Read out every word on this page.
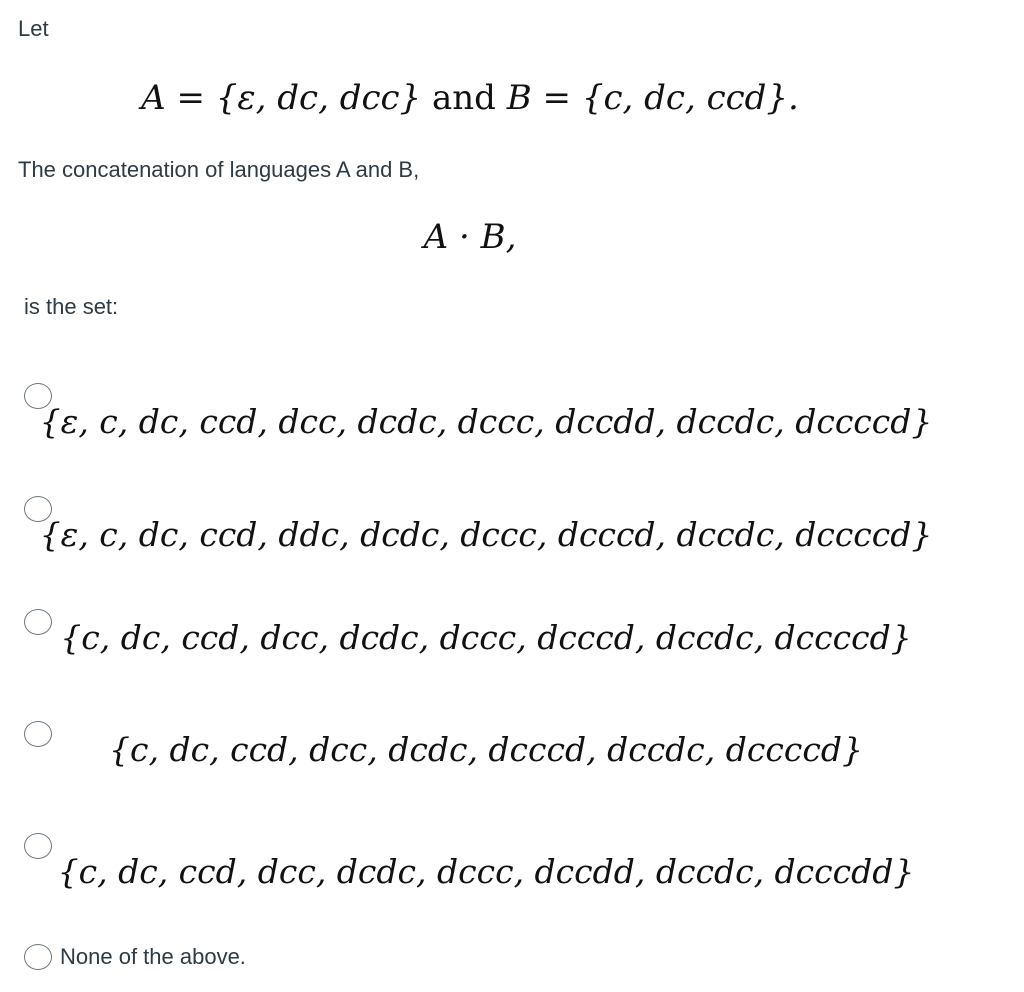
Let
A = {ε, dc, dcc} and B = {c, dc, ccd}.
The concatenation of languages A and B,
A · B,
is the set:
{ε, c, dc, ccd, dcc, dcdc, dccc, dccdd, dccdc, dccccd}
{ε, c, dc, ccd, ddc, dcdc, dccc, dcccd, dccdc, dccccd}
{c, dc, ccd, dcc, dcdc, dccc, dcccd, dccdc, dccccd}
{c, dc, ccd, dcc, dcdc, dcccd, dccdc, dccccd}
{c, dc, ccd, dcc, dcdc, dccc, dccdd, dccdc, dcccdd}
None of the above.
